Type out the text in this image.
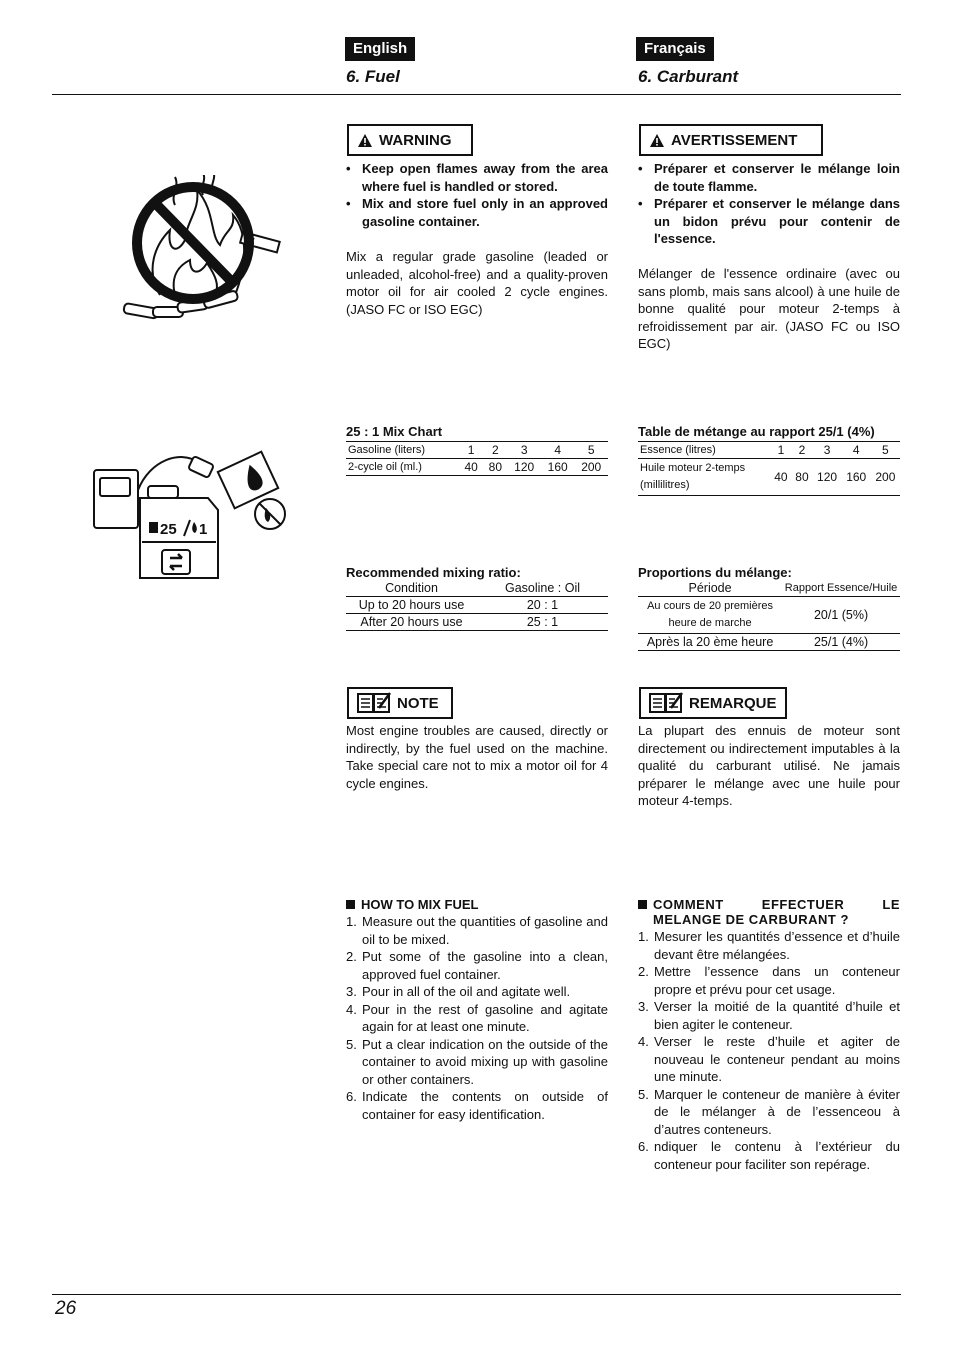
English	Français
6. Fuel	6. Carburant
WARNING
• Keep open flames away from the area where fuel is handled or stored.
• Mix and store fuel only in an approved gasoline container.
Mix a regular grade gasoline (leaded or unleaded, alcohol-free) and a quality-proven motor oil for air cooled 2 cycle engines. (JASO FC or ISO EGC)
AVERTISSEMENT
• Préparer et conserver le mélange loin de toute flamme.
• Préparer et conserver le mélange dans un bidon prévu pour contenir de l'essence.
Mélanger de l'essence ordinaire (avec ou sans plomb, mais sans alcool) à une huile de bonne qualité pour moteur 2-temps à refroidissement par air. (JASO FC ou ISO EGC)
25 1
25 : 1 Mix Chart
Gasoline (liters)	1	2	3	4	5
2-cycle oil (ml.)	40	80	120	160	200
Table de métange au rapport 25/1 (4%)
Essence (litres)	1	2	3	4	5
Huile moteur 2-temps
(millilitres)	40	80	120	160	200
Recommended mixing ratio:
Condition	Gasoline : Oil
Up to 20 hours use	20 : 1
After 20 hours use	25 : 1
Proportions du mélange:
Période	Rapport Essence/Huile
Au cours de 20 premières
heure de marche	20/1 (5%)
Après la 20 ème heure	25/1 (4%)
NOTE
Most engine troubles are caused, directly or indirectly, by the fuel used on the machine. Take special care not to mix a motor oil for 4 cycle engines.
REMARQUE
La plupart des ennuis de moteur sont directement ou indirectement imputables à la qualité du carburant utilisé. Ne jamais préparer le mélange avec une huile pour moteur 4-temps.
HOW TO MIX FUEL
1. Measure out the quantities of gasoline and oil to be mixed.
2. Put some of the gasoline into a clean, approved fuel container.
3. Pour in all of the oil and agitate well.
4. Pour in the rest of gasoline and agitate again for at least one minute.
5. Put a clear indication on the outside of the container to avoid mixing up with gasoline or other containers.
6. Indicate the contents on outside of container for easy identification.
COMMENT EFFECTUER LE MELANGE DE CARBURANT ?
1. Mesurer les quantités d’essence et d’huile devant être mélangées.
2. Mettre l’essence dans un conteneur propre et prévu pour cet usage.
3. Verser la moitié de la quantité d’huile et bien agiter le conteneur.
4. Verser le reste d’huile et agiter de nouveau le conteneur pendant au moins une minute.
5. Marquer le conteneur de manière à éviter de le mélanger à de l’essenceou à d’autres conteneurs.
6. ndiquer le contenu à l’extérieur du conteneur pour faciliter son repérage.
26
